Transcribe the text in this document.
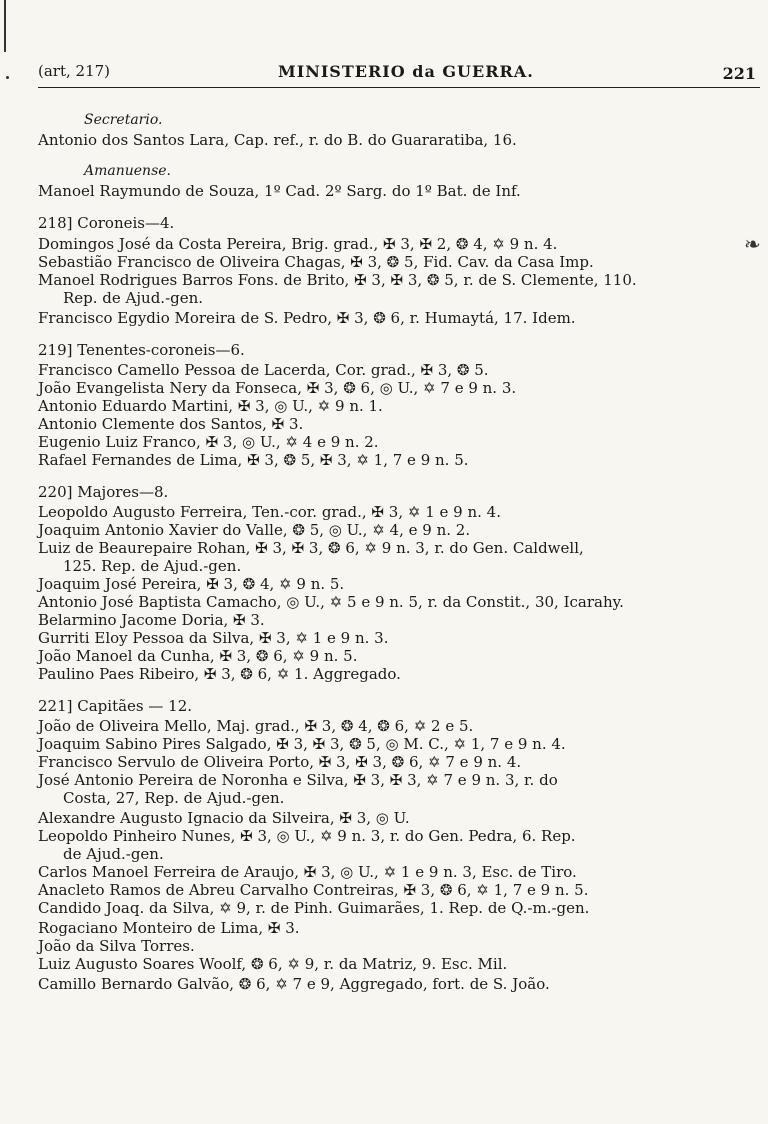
(art, 217)	MINISTERIO da GUERRA.	221
❧
Secretario.
Antonio dos Santos Lara, Cap. ref., r. do B. do Guararatiba, 16.
Amanuense.
Manoel Raymundo de Souza, 1º Cad. 2º Sarg. do 1º Bat. de Inf.
218] Coroneis—4.
Domingos José da Costa Pereira, Brig. grad., ✠ 3, ✠ 2, ❂ 4, ✡ 9 n. 4.
Sebastião Francisco de Oliveira Chagas, ✠ 3, ❂ 5, Fid. Cav. da Casa Imp.
Manoel Rodrigues Barros Fons. de Brito, ✠ 3, ✠ 3, ❂ 5, r. de S. Clemente, 110.
Rep. de Ajud.-gen.
Francisco Egydio Moreira de S. Pedro, ✠ 3, ❂ 6, r. Humaytá, 17. Idem.
219] Tenentes-coroneis—6.
Francisco Camello Pessoa de Lacerda, Cor. grad., ✠ 3, ❂ 5.
João Evangelista Nery da Fonseca, ✠ 3, ❂ 6, ◎ U., ✡ 7 e 9 n. 3.
Antonio Eduardo Martini, ✠ 3, ◎ U., ✡ 9 n. 1.
Antonio Clemente dos Santos, ✠ 3.
Eugenio Luiz Franco, ✠ 3, ◎ U., ✡ 4 e 9 n. 2.
Rafael Fernandes de Lima, ✠ 3, ❂ 5, ✠ 3, ✡ 1, 7 e 9 n. 5.
220] Majores—8.
Leopoldo Augusto Ferreira, Ten.-cor. grad., ✠ 3, ✡ 1 e 9 n. 4.
Joaquim Antonio Xavier do Valle, ❂ 5, ◎ U., ✡ 4, e 9 n. 2.
Luiz de Beaurepaire Rohan, ✠ 3, ✠ 3, ❂ 6, ✡ 9 n. 3, r. do Gen. Caldwell,
125. Rep. de Ajud.-gen.
Joaquim José Pereira, ✠ 3, ❂ 4, ✡ 9 n. 5.
Antonio José Baptista Camacho, ◎ U., ✡ 5 e 9 n. 5, r. da Constit., 30, Icarahy.
Belarmino Jacome Doria, ✠ 3.
Gurriti Eloy Pessoa da Silva, ✠ 3, ✡ 1 e 9 n. 3.
João Manoel da Cunha, ✠ 3, ❂ 6, ✡ 9 n. 5.
Paulino Paes Ribeiro, ✠ 3, ❂ 6, ✡ 1. Aggregado.
221] Capitães — 12.
João de Oliveira Mello, Maj. grad., ✠ 3, ❂ 4, ❂ 6, ✡ 2 e 5.
Joaquim Sabino Pires Salgado, ✠ 3, ✠ 3, ❂ 5, ◎ M. C., ✡ 1, 7 e 9 n. 4.
Francisco Servulo de Oliveira Porto, ✠ 3, ✠ 3, ❂ 6, ✡ 7 e 9 n. 4.
José Antonio Pereira de Noronha e Silva, ✠ 3, ✠ 3, ✡ 7 e 9 n. 3, r. do
Costa, 27, Rep. de Ajud.-gen.
Alexandre Augusto Ignacio da Silveira, ✠ 3, ◎ U.
Leopoldo Pinheiro Nunes, ✠ 3, ◎ U., ✡ 9 n. 3, r. do Gen. Pedra, 6. Rep.
de Ajud.-gen.
Carlos Manoel Ferreira de Araujo, ✠ 3, ◎ U., ✡ 1 e 9 n. 3, Esc. de Tiro.
Anacleto Ramos de Abreu Carvalho Contreiras, ✠ 3, ❂ 6, ✡ 1, 7 e 9 n. 5.
Candido Joaq. da Silva, ✡ 9, r. de Pinh. Guimarães, 1. Rep. de Q.-m.-gen.
Rogaciano Monteiro de Lima, ✠ 3.
João da Silva Torres.
Luiz Augusto Soares Woolf, ❂ 6, ✡ 9, r. da Matriz, 9. Esc. Mil.
Camillo Bernardo Galvão, ❂ 6, ✡ 7 e 9, Aggregado, fort. de S. João.
